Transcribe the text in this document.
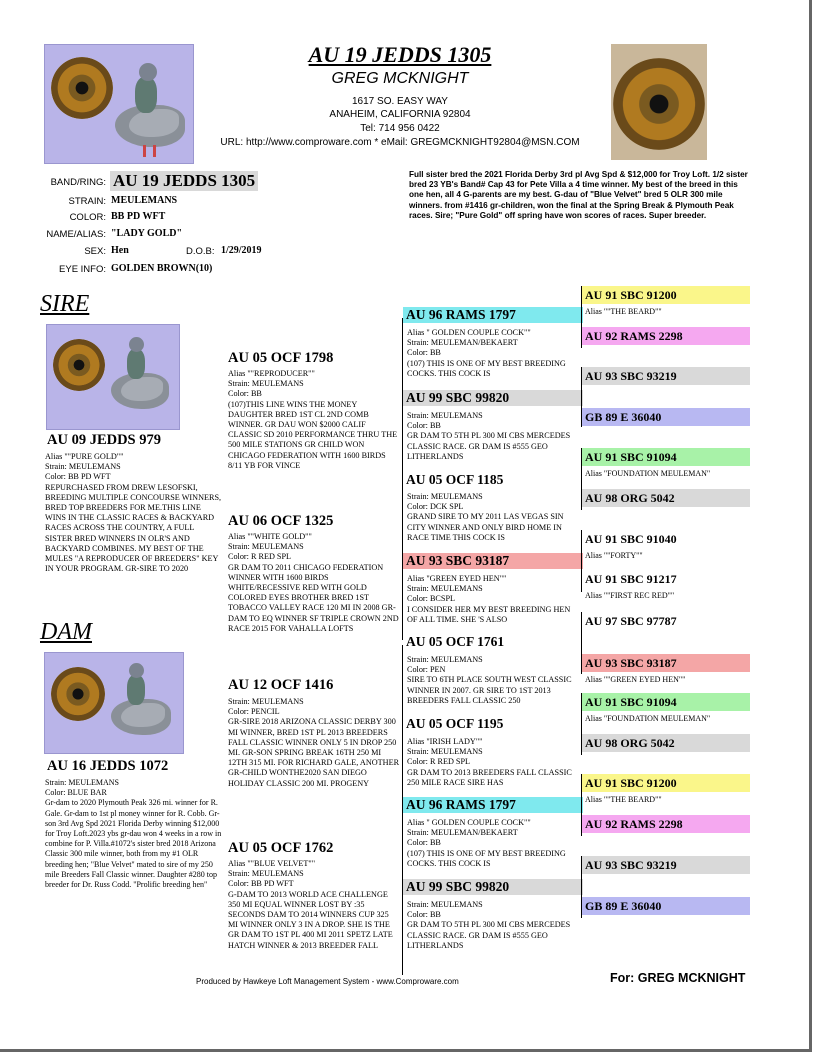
AU 19 JEDDS 1305
GREG MCKNIGHT
1617 SO. EASY WAY
ANAHEIM, CALIFORNIA 92804
Tel: 714 956 0422
URL: http://www.comproware.com * eMail: GREGMCKNIGHT92804@MSN.COM
BAND/RING: AU 19 JEDDS 1305
STRAIN: MEULEMANS
COLOR: BB PD WFT
NAME/ALIAS: "LADY GOLD"
SEX: Hen	D.O.B: 1/29/2019
EYE INFO: GOLDEN BROWN(10)
Full sister bred the 2021 Florida Derby 3rd pl Avg Spd & $12,000 for Troy Loft. 1/2 sister bred 23 YB's Band# Cap 43 for Pete Villa a 4 time winner. My best of the breed in this one hen, all 4 G-parents are my best. G-dau of "Blue Velvet" bred 5 OLR 300 mile winners. from #1416 gr-children, won the final at the Spring Break & Plymouth Peak races. Sire; "Pure Gold" off spring have won scores of races. Super breeder.
SIRE
AU 09 JEDDS 979
Alias ""PURE GOLD""
Strain: MEULEMANS
Color: BB PD WFT
REPURCHASED FROM DREW LESOFSKI, BREEDING MULTIPLE CONCOURSE WINNERS, BRED TOP BREEDERS FOR ME.THIS LINE WINS IN THE CLASSIC RACES & BACKYARD RACES ACROSS THE COUNTRY, A FULL SISTER BRED WINNERS IN OLR'S AND BACKYARD COMBINES. MY BEST OF THE MULES "A REPRODUCER OF BREEDERS" KEY IN YOUR PROGRAM. GR-SIRE TO 2020
DAM
AU 16 JEDDS 1072
Strain: MEULEMANS
Color: BLUE BAR
Gr-dam to 2020 Plymouth Peak 326 mi. winner for R. Gale. Gr-dam to 1st pl money winner for R. Cobb. Gr-son 3rd Avg Spd 2021 Florida Derby winning $12,000 for Troy Loft.2023 ybs gr-dau won 4 weeks in a row in combine for P. Villa.#1072's sister bred 2018 Arizona Classic 300 mile winner, both from my #1 OLR breeding hen; "Blue Velvet" mated to sire of my 250 mile Breeders Fall Classic winner. Daughter #280 top breeder for Dr. Russ Codd. "Prolific breeding hen"
AU 05 OCF 1798
Alias ""REPRODUCER""
Strain: MEULEMANS
Color: BB
(107)THIS LINE WINS THE MONEY DAUGHTER BRED 1ST CL 2ND COMB WINNER. GR DAU WON $2000 CALIF CLASSIC SD 2010 PERFORMANCE THRU THE 500 MILE STATIONS GR CHILD WON CHICAGO FEDERATION WITH 1600 BIRDS 8/11 YB FOR VINCE
AU 06 OCF 1325
Alias ""WHITE GOLD""
Strain: MEULEMANS
Color: R RED SPL
GR DAM TO 2011 CHICAGO FEDERATION WINNER WITH 1600 BIRDS WHITE/RECESSIVE RED WITH GOLD COLORED EYES BROTHER BRED 1ST TOBACCO VALLEY RACE 120 MI IN 2008 GR-DAM TO EQ WINNER SF TRIPLE CROWN 2ND RACE 2015 FOR VAHALLA LOFTS
AU 12 OCF 1416
Strain: MEULEMANS
Color: PENCIL
GR-SIRE 2018 ARIZONA CLASSIC DERBY 300 MI WINNER, BRED 1ST PL 2013 BREEDERS FALL CLASSIC WINNER ONLY 5 IN DROP 250 MI. GR-SON SPRING BREAK 16TH 250 MI 12TH 315 MI. FOR RICHARD GALE, ANOTHER GR-CHILD WONTHE2020 SAN DIEGO HOLIDAY CLASSIC 200 MI. PROGENY
AU 05 OCF 1762
Alias ""BLUE VELVET""
Strain: MEULEMANS
Color: BB PD WFT
G-DAM TO 2013 WORLD ACE CHALLENGE 350 MI EQUAL WINNER LOST BY :35 SECONDS DAM TO 2014 WINNERS CUP 325 MI WINNER ONLY 3 IN A DROP. SHE IS THE GR DAM TO 1ST PL 400 MI 2011 SPETZ LATE HATCH WINNER & 2013 BREEDER FALL
AU 96 RAMS 1797
Alias " GOLDEN COUPLE COCK""
Strain: MEULEMAN/BEKAERT
Color: BB
(107) THIS IS ONE OF MY BEST BREEDING COCKS. THIS COCK IS
AU 99 SBC 99820
Strain: MEULEMANS
Color: BB
GR DAM TO 5TH PL 300 MI CBS MERCEDES CLASSIC RACE. GR DAM IS #555 GEO LITHERLANDS
AU 05 OCF 1185
Strain: MEULEMANS
Color: DCK SPL
GRAND SIRE TO MY 2011 LAS VEGAS SIN CITY WINNER AND ONLY BIRD HOME IN RACE TIME THIS COCK IS
AU 93 SBC 93187
Alias "GREEN EYED HEN""
Strain: MEULEMANS
Color: BCSPL
I CONSIDER HER MY BEST BREEDING HEN OF ALL TIME. SHE 'S ALSO
AU 05 OCF 1761
Strain: MEULEMANS
Color: PEN
SIRE TO 6TH PLACE SOUTH WEST CLASSIC WINNER IN 2007. GR SIRE TO 1ST 2013 BREEDERS FALL CLASSIC 250
AU 05 OCF 1195
Alias "IRISH LADY""
Strain: MEULEMANS
Color: R RED SPL
GR DAM TO 2013 BREEDERS FALL CLASSIC 250 MILE RACE SIRE HAS
AU 96 RAMS 1797
Alias " GOLDEN COUPLE COCK""
Strain: MEULEMAN/BEKAERT
Color: BB
(107) THIS IS ONE OF MY BEST BREEDING COCKS. THIS COCK IS
AU 99 SBC 99820
Strain: MEULEMANS
Color: BB
GR DAM TO 5TH PL 300 MI CBS MERCEDES CLASSIC RACE. GR DAM IS #555 GEO LITHERLANDS
AU 91 SBC 91200
Alias ""THE BEARD""
AU 92 RAMS 2298
AU 93 SBC 93219
GB 89 E 36040
AU 91 SBC 91094
Alias "FOUNDATION MEULEMAN"
AU 98 ORG 5042
AU 91 SBC 91040
Alias ""FORTY""
AU 91 SBC 91217
Alias ""FIRST REC RED""
AU 97 SBC 97787
AU 93 SBC 93187
Alias ""GREEN EYED HEN""
AU 91 SBC 91094
Alias "FOUNDATION MEULEMAN"
AU 98 ORG 5042
AU 91 SBC 91200
Alias ""THE BEARD""
AU 92 RAMS 2298
AU 93 SBC 93219
GB 89 E 36040
Produced by Hawkeye Loft Management System - www.Comproware.com	For: GREG MCKNIGHT
